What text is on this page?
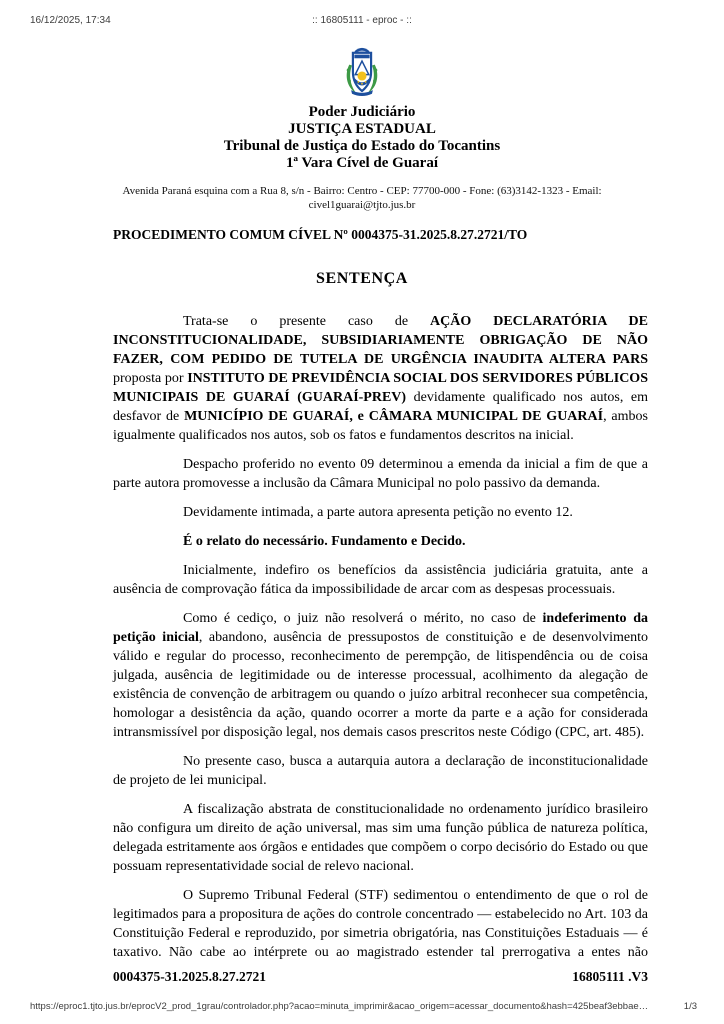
16/12/2025, 17:34	:: 16805111 - eproc - ::
Poder Judiciário
JUSTIÇA ESTADUAL
Tribunal de Justiça do Estado do Tocantins
1ª Vara Cível de Guaraí
Avenida Paraná esquina com a Rua 8, s/n - Bairro: Centro - CEP: 77700-000 - Fone: (63)3142-1323 - Email:
civel1guarai@tjto.jus.br
PROCEDIMENTO COMUM CÍVEL Nº 0004375-31.2025.8.27.2721/TO
SENTENÇA

Trata-se o presente caso de AÇÃO DECLARATÓRIA DE INCONSTITUCIONALIDADE, SUBSIDIARIAMENTE OBRIGAÇÃO DE NÃO FAZER, COM PEDIDO DE TUTELA DE URGÊNCIA INAUDITA ALTERA PARS proposta por INSTITUTO DE PREVIDÊNCIA SOCIAL DOS SERVIDORES PÚBLICOS MUNICIPAIS DE GUARAÍ (GUARAÍ-PREV) devidamente qualificado nos autos, em desfavor de MUNICÍPIO DE GUARAÍ, e CÂMARA MUNICIPAL DE GUARAÍ, ambos igualmente qualificados nos autos, sob os fatos e fundamentos descritos na inicial.

Despacho proferido no evento 09 determinou a emenda da inicial a fim de que a parte autora promovesse a inclusão da Câmara Municipal no polo passivo da demanda.

Devidamente intimada, a parte autora apresenta petição no evento 12.

É o relato do necessário. Fundamento e Decido.

Inicialmente, indefiro os benefícios da assistência judiciária gratuita, ante a ausência de comprovação fática da impossibilidade de arcar com as despesas processuais.

Como é cediço, o juiz não resolverá o mérito, no caso de indeferimento da petição inicial, abandono, ausência de pressupostos de constituição e de desenvolvimento válido e regular do processo, reconhecimento de perempção, de litispendência ou de coisa julgada, ausência de legitimidade ou de interesse processual, acolhimento da alegação de existência de convenção de arbitragem ou quando o juízo arbitral reconhecer sua competência, homologar a desistência da ação, quando ocorrer a morte da parte e a ação for considerada intransmissível por disposição legal, nos demais casos prescritos neste Código (CPC, art. 485).

No presente caso, busca a autarquia autora a declaração de inconstitucionalidade de projeto de lei municipal.

A fiscalização abstrata de constitucionalidade no ordenamento jurídico brasileiro não configura um direito de ação universal, mas sim uma função pública de natureza política, delegada estritamente aos órgãos e entidades que compõem o corpo decisório do Estado ou que possuam representatividade social de relevo nacional.

O Supremo Tribunal Federal (STF) sedimentou o entendimento de que o rol de legitimados para a propositura de ações do controle concentrado — estabelecido no Art. 103 da Constituição Federal e reproduzido, por simetria obrigatória, nas Constituições Estaduais — é taxativo. Não cabe ao intérprete ou ao magistrado estender tal prerrogativa a entes não

0004375-31.2025.8.27.2721	16805111 .V3
https://eproc1.tjto.jus.br/eprocV2_prod_1grau/controlador.php?acao=minuta_imprimir&acao_origem=acessar_documento&hash=425beaf3ebbae…	1/3
